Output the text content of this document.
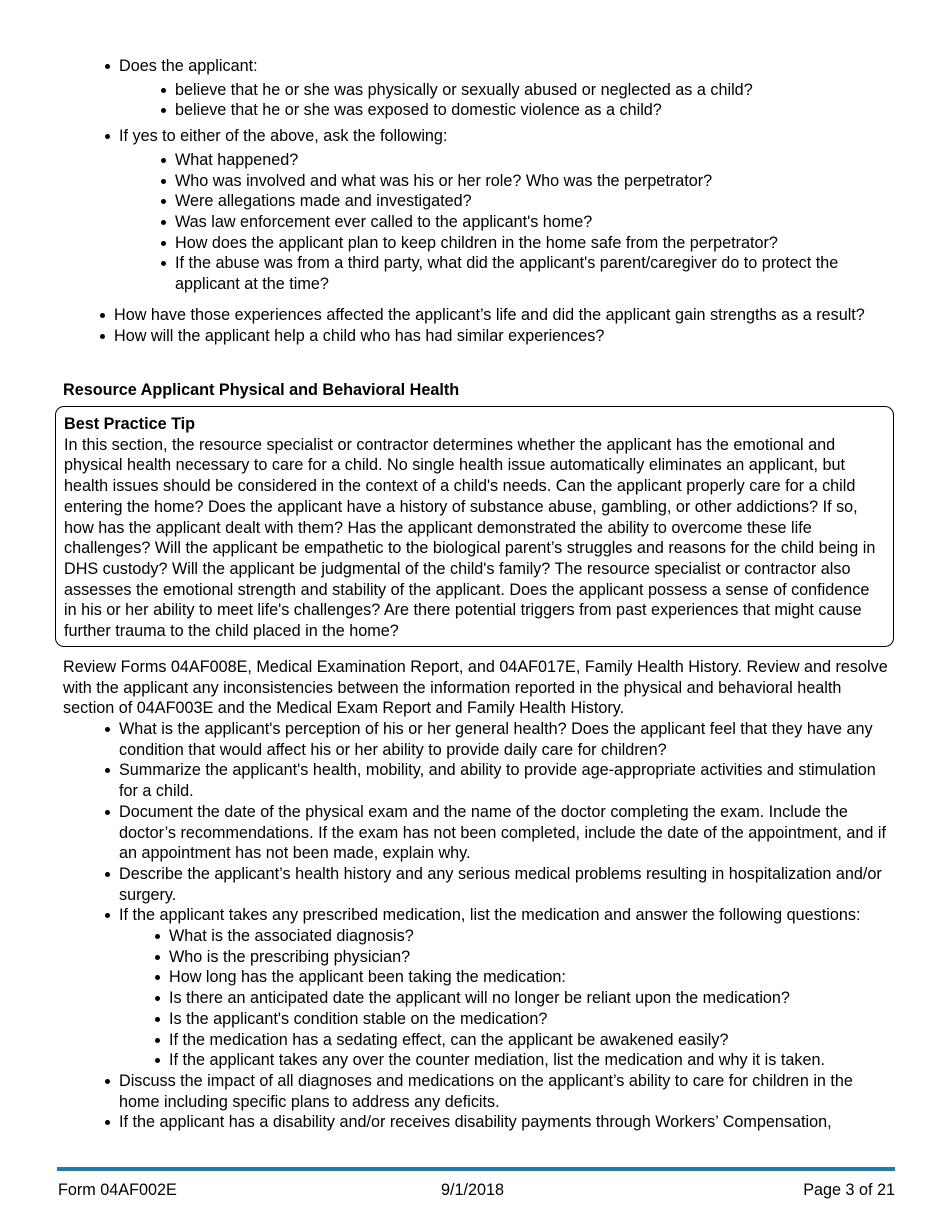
Does the applicant:
believe that he or she was physically or sexually abused or neglected as a child?
believe that he or she was exposed to domestic violence as a child?
If yes to either of the above, ask the following:
What happened?
Who was involved and what was his or her role? Who was the perpetrator?
Were allegations made and investigated?
Was law enforcement ever called to the applicant's home?
How does the applicant plan to keep children in the home safe from the perpetrator?
If the abuse was from a third party, what did the applicant's parent/caregiver do to protect the applicant at the time?
How have those experiences affected the applicant’s life and did the applicant gain strengths as a result?
How will the applicant help a child who has had similar experiences?
Resource Applicant Physical and Behavioral Health
Best Practice Tip
In this section, the resource specialist or contractor determines whether the applicant has the emotional and physical health necessary to care for a child. No single health issue automatically eliminates an applicant, but health issues should be considered in the context of a child's needs. Can the applicant properly care for a child entering the home? Does the applicant have a history of substance abuse, gambling, or other addictions? If so, how has the applicant dealt with them? Has the applicant demonstrated the ability to overcome these life challenges? Will the applicant be empathetic to the biological parent’s struggles and reasons for the child being in DHS custody? Will the applicant be judgmental of the child's family? The resource specialist or contractor also assesses the emotional strength and stability of the applicant. Does the applicant possess a sense of confidence in his or her ability to meet life's challenges? Are there potential triggers from past experiences that might cause further trauma to the child placed in the home?
Review Forms 04AF008E, Medical Examination Report, and 04AF017E, Family Health History. Review and resolve with the applicant any inconsistencies between the information reported in the physical and behavioral health section of 04AF003E and the Medical Exam Report and Family Health History.
What is the applicant's perception of his or her general health? Does the applicant feel that they have any condition that would affect his or her ability to provide daily care for children?
Summarize the applicant's health, mobility, and ability to provide age-appropriate activities and stimulation for a child.
Document the date of the physical exam and the name of the doctor completing the exam. Include the doctor’s recommendations. If the exam has not been completed, include the date of the appointment, and if an appointment has not been made, explain why.
Describe the applicant’s health history and any serious medical problems resulting in hospitalization and/or surgery.
If the applicant takes any prescribed medication, list the medication and answer the following questions:
What is the associated diagnosis?
Who is the prescribing physician?
How long has the applicant been taking the medication:
Is there an anticipated date the applicant will no longer be reliant upon the medication?
Is the applicant's condition stable on the medication?
If the medication has a sedating effect, can the applicant be awakened easily?
If the applicant takes any over the counter mediation, list the medication and why it is taken.
Discuss the impact of all diagnoses and medications on the applicant’s ability to care for children in the home including specific plans to address any deficits.
If the applicant has a disability and/or receives disability payments through Workers’ Compensation,
Form 04AF002E	9/1/2018	Page 3 of 21
